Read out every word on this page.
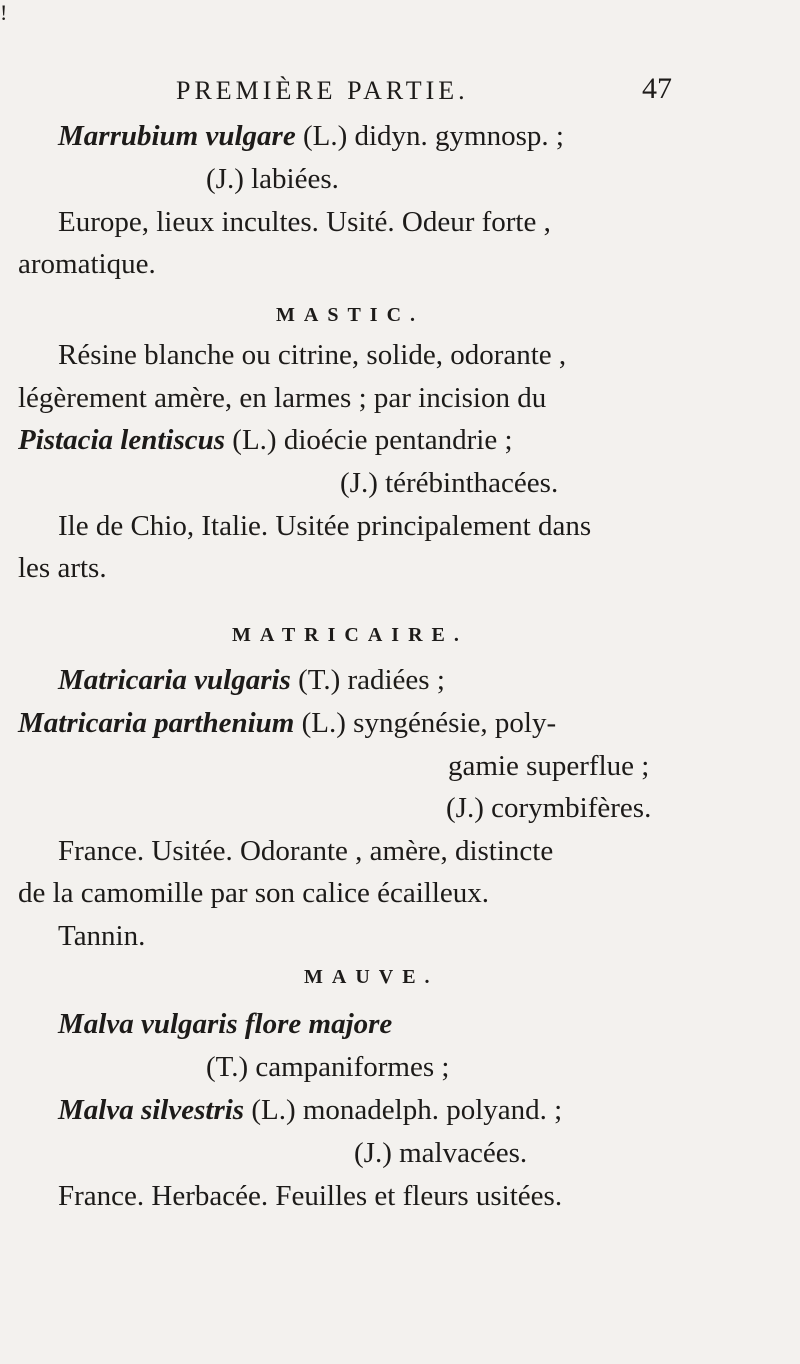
!
PREMIÈRE PARTIE.	47
Marrubium vulgare (L.) didyn. gymnosp. ;
(J.) labiées.
Europe, lieux incultes. Usité. Odeur forte ,
aromatique.
MASTIC.
Résine blanche ou citrine, solide, odorante ,
légèrement amère, en larmes ; par incision du
Pistacia lentiscus (L.) dioécie pentandrie ;
(J.) térébinthacées.
Ile de Chio, Italie. Usitée principalement dans
les arts.
MATRICAIRE.
Matricaria vulgaris (T.) radiées ;
Matricaria parthenium (L.) syngénésie, poly-
gamie superflue ;
(J.) corymbifères.
France. Usitée. Odorante , amère, distincte
de la camomille par son calice écailleux.
Tannin.
MAUVE.
Malva vulgaris flore majore
(T.) campaniformes ;
Malva silvestris (L.) monadelph. polyand. ;
(J.) malvacées.
France. Herbacée. Feuilles et fleurs usitées.
